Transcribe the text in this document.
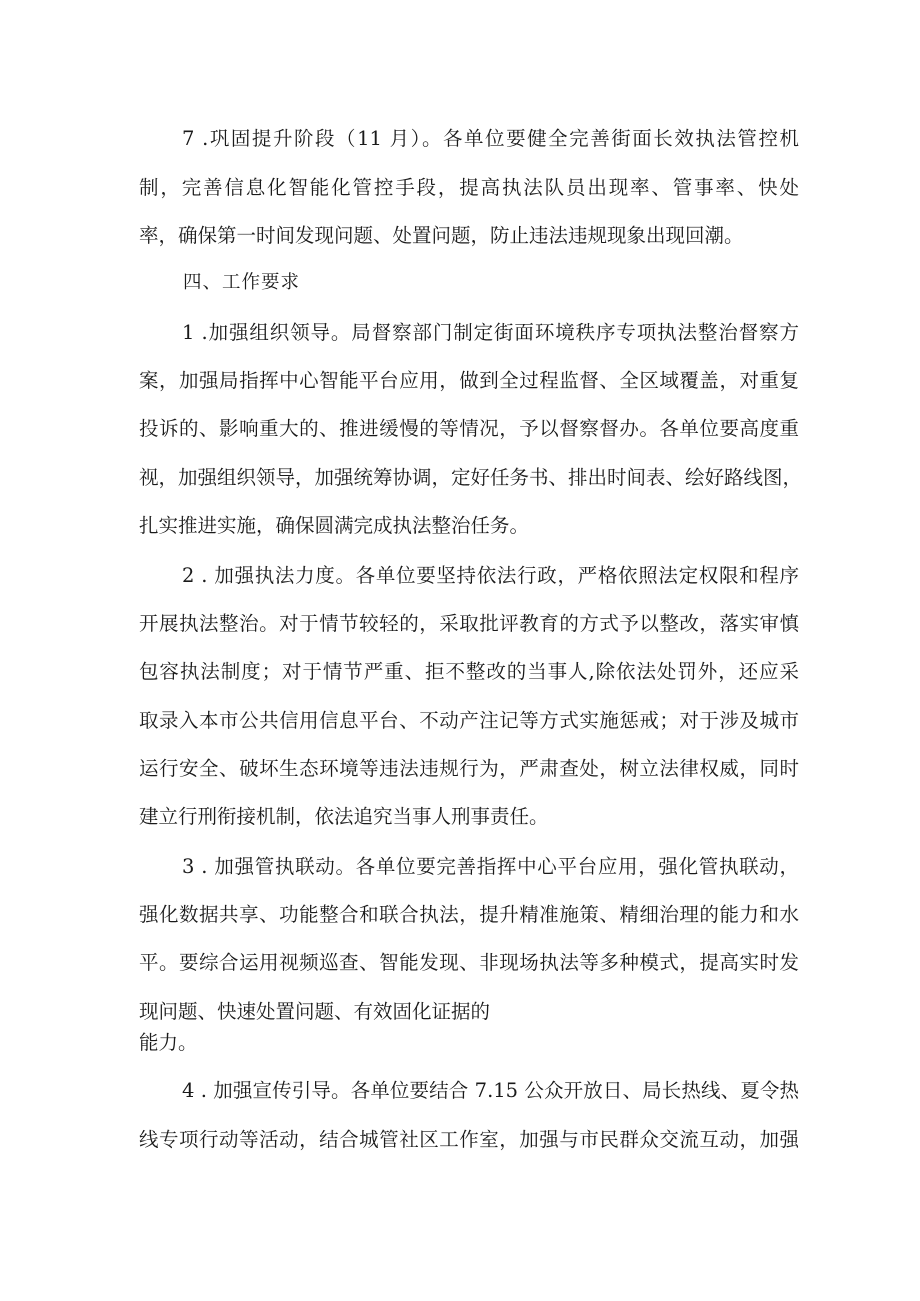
7 .巩固提升阶段（11 月）。各单位要健全完善街面长效执法管控机
制，完善信息化智能化管控手段，提高执法队员出现率、管事率、快处
率，确保第一时间发现问题、处置问题，防止违法违规现象出现回潮。
四、工作要求
1 .加强组织领导。局督察部门制定街面环境秩序专项执法整治督察方
案，加强局指挥中心智能平台应用，做到全过程监督、全区域覆盖，对重复
投诉的、影响重大的、推进缓慢的等情况，予以督察督办。各单位要高度重
视，加强组织领导，加强统筹协调，定好任务书、排出时间表、绘好路线图，
扎实推进实施，确保圆满完成执法整治任务。
2 . 加强执法力度。各单位要坚持依法行政，严格依照法定权限和程序
开展执法整治。对于情节较轻的，采取批评教育的方式予以整改，落实审慎
包容执法制度；对于情节严重、拒不整改的当事人,除依法处罚外，还应采
取录入本市公共信用信息平台、不动产注记等方式实施惩戒；对于涉及城市
运行安全、破坏生态环境等违法违规行为，严肃查处，树立法律权威，同时
建立行刑衔接机制，依法追究当事人刑事责任。
3 . 加强管执联动。各单位要完善指挥中心平台应用，强化管执联动，
强化数据共享、功能整合和联合执法，提升精准施策、精细治理的能力和水
平。要综合运用视频巡查、智能发现、非现场执法等多种模式，提高实时发
现问题、快速处置问题、有效固化证据的
能力。
4 . 加强宣传引导。各单位要结合 7.15 公众开放日、局长热线、夏令热
线专项行动等活动，结合城管社区工作室，加强与市民群众交流互动，加强
